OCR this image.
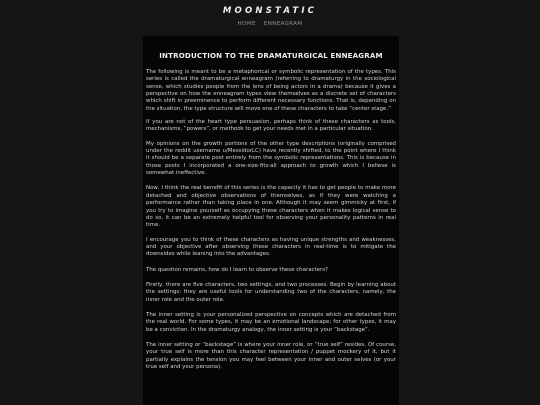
MOONSTATIC
HOME ENNEAGRAM
INTRODUCTION TO THE DRAMATURGICAL ENNEAGRAM

The following is meant to be a metaphorical or symbolic representation of the types. This series is called the dramaturgical enneagram (referring to dramaturgy in the sociological sense, which studies people from the lens of being actors in a drama) because it gives a perspective on how the enneagram types view themselves as a discrete set of characters which shift in preeminence to perform different necessary functions. That is, depending on the situation, the type structure will move one of these characters to take “center stage.”

If you are not of the heart type persuasion, perhaps think of these characters as tools, mechanisms, “powers”, or methods to get your needs met in a particular situation.

My opinions on the growth portions of the other type descriptions (originally comprised under the reddit username u/MessidorLC) have recently shifted, to the point where I think it should be a separate post entirely from the symbolic representations. This is because in those posts I incorporated a one-size-fits-all approach to growth which I believe is somewhat ineffective.

Now, I think the real benefit of this series is the capacity it has to get people to make more detached and objective observations of themselves, as if they were watching a performance rather than taking place in one. Although it may seem gimmicky at first, if you try to imagine yourself as occupying these characters when it makes logical sense to do so, it can be an extremely helpful tool for observing your personality patterns in real time.

I encourage you to think of these characters as having unique strengths and weaknesses, and your objective after observing these characters in real-time is to mitigate the downsides while leaning into the advantages.

The question remains, how do I learn to observe these characters?

Firstly, there are five characters, two settings, and two processes. Begin by learning about the settings: they are useful tools for understanding two of the characters, namely, the inner role and the outer role.

The inner setting is your personalized perspective on concepts which are detached from the real world. For some types, it may be an emotional landscape; for other types, it may be a conviction. In the dramaturgy analogy, the inner setting is your “backstage”.

The inner setting or “backstage” is where your inner role, or “true self” resides. Of course, your true self is more than this character representation / puppet mockery of it, but it partially explains the tension you may feel between your inner and outer selves (or your true self and your persona).
